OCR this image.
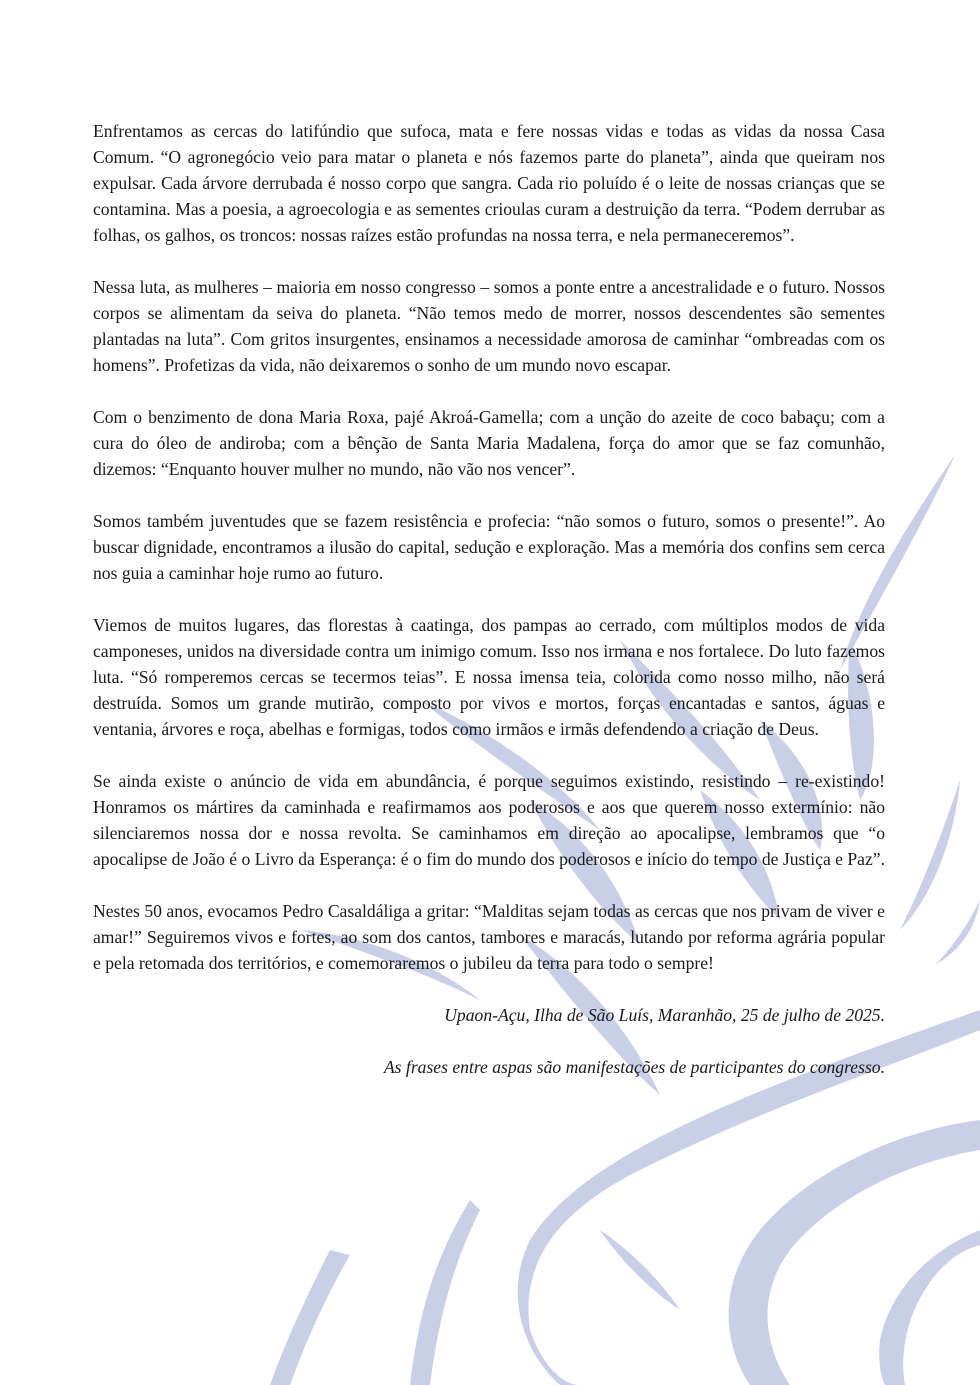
Enfrentamos as cercas do latifúndio que sufoca, mata e fere nossas vidas e todas as vidas da nossa Casa Comum. “O agronegócio veio para matar o planeta e nós fazemos parte do planeta”, ainda que queiram nos expulsar. Cada árvore derrubada é nosso corpo que sangra. Cada rio poluído é o leite de nossas crianças que se contamina. Mas a poesia, a agroecologia e as sementes crioulas curam a destruição da terra. “Podem derrubar as folhas, os galhos, os troncos: nossas raízes estão profundas na nossa terra, e nela permaneceremos”.

Nessa luta, as mulheres – maioria em nosso congresso – somos a ponte entre a ancestralidade e o futuro. Nossos corpos se alimentam da seiva do planeta. “Não temos medo de morrer, nossos descendentes são sementes plantadas na luta”. Com gritos insurgentes, ensinamos a necessidade amorosa de caminhar “ombreadas com os homens”. Profetizas da vida, não deixaremos o sonho de um mundo novo escapar.

Com o benzimento de dona Maria Roxa, pajé Akroá-Gamella; com a unção do azeite de coco babaçu; com a cura do óleo de andiroba; com a bênção de Santa Maria Madalena, força do amor que se faz comunhão, dizemos: “Enquanto houver mulher no mundo, não vão nos vencer”.

Somos também juventudes que se fazem resistência e profecia: “não somos o futuro, somos o presente!”. Ao buscar dignidade, encontramos a ilusão do capital, sedução e exploração. Mas a memória dos confins sem cerca nos guia a caminhar hoje rumo ao futuro.

Viemos de muitos lugares, das florestas à caatinga, dos pampas ao cerrado, com múltiplos modos de vida camponeses, unidos na diversidade contra um inimigo comum. Isso nos irmana e nos fortalece. Do luto fazemos luta. “Só romperemos cercas se tecermos teias”. E nossa imensa teia, colorida como nosso milho, não será destruída. Somos um grande mutirão, composto por vivos e mortos, forças encantadas e santos, águas e ventania, árvores e roça, abelhas e formigas, todos como irmãos e irmãs defendendo a criação de Deus.

Se ainda existe o anúncio de vida em abundância, é porque seguimos existindo, resistindo – re-existindo! Honramos os mártires da caminhada e reafirmamos aos poderosos e aos que querem nosso extermínio: não silenciaremos nossa dor e nossa revolta. Se caminhamos em direção ao apocalipse, lembramos que “o apocalipse de João é o Livro da Esperança: é o fim do mundo dos poderosos e início do tempo de Justiça e Paz”.

Nestes 50 anos, evocamos Pedro Casaldáliga a gritar: “Malditas sejam todas as cercas que nos privam de viver e amar!” Seguiremos vivos e fortes, ao som dos cantos, tambores e maracás, lutando por reforma agrária popular e pela retomada dos territórios, e comemoraremos o jubileu da terra para todo o sempre!

Upaon-Açu, Ilha de São Luís, Maranhão, 25 de julho de 2025.

As frases entre aspas são manifestações de participantes do congresso.
